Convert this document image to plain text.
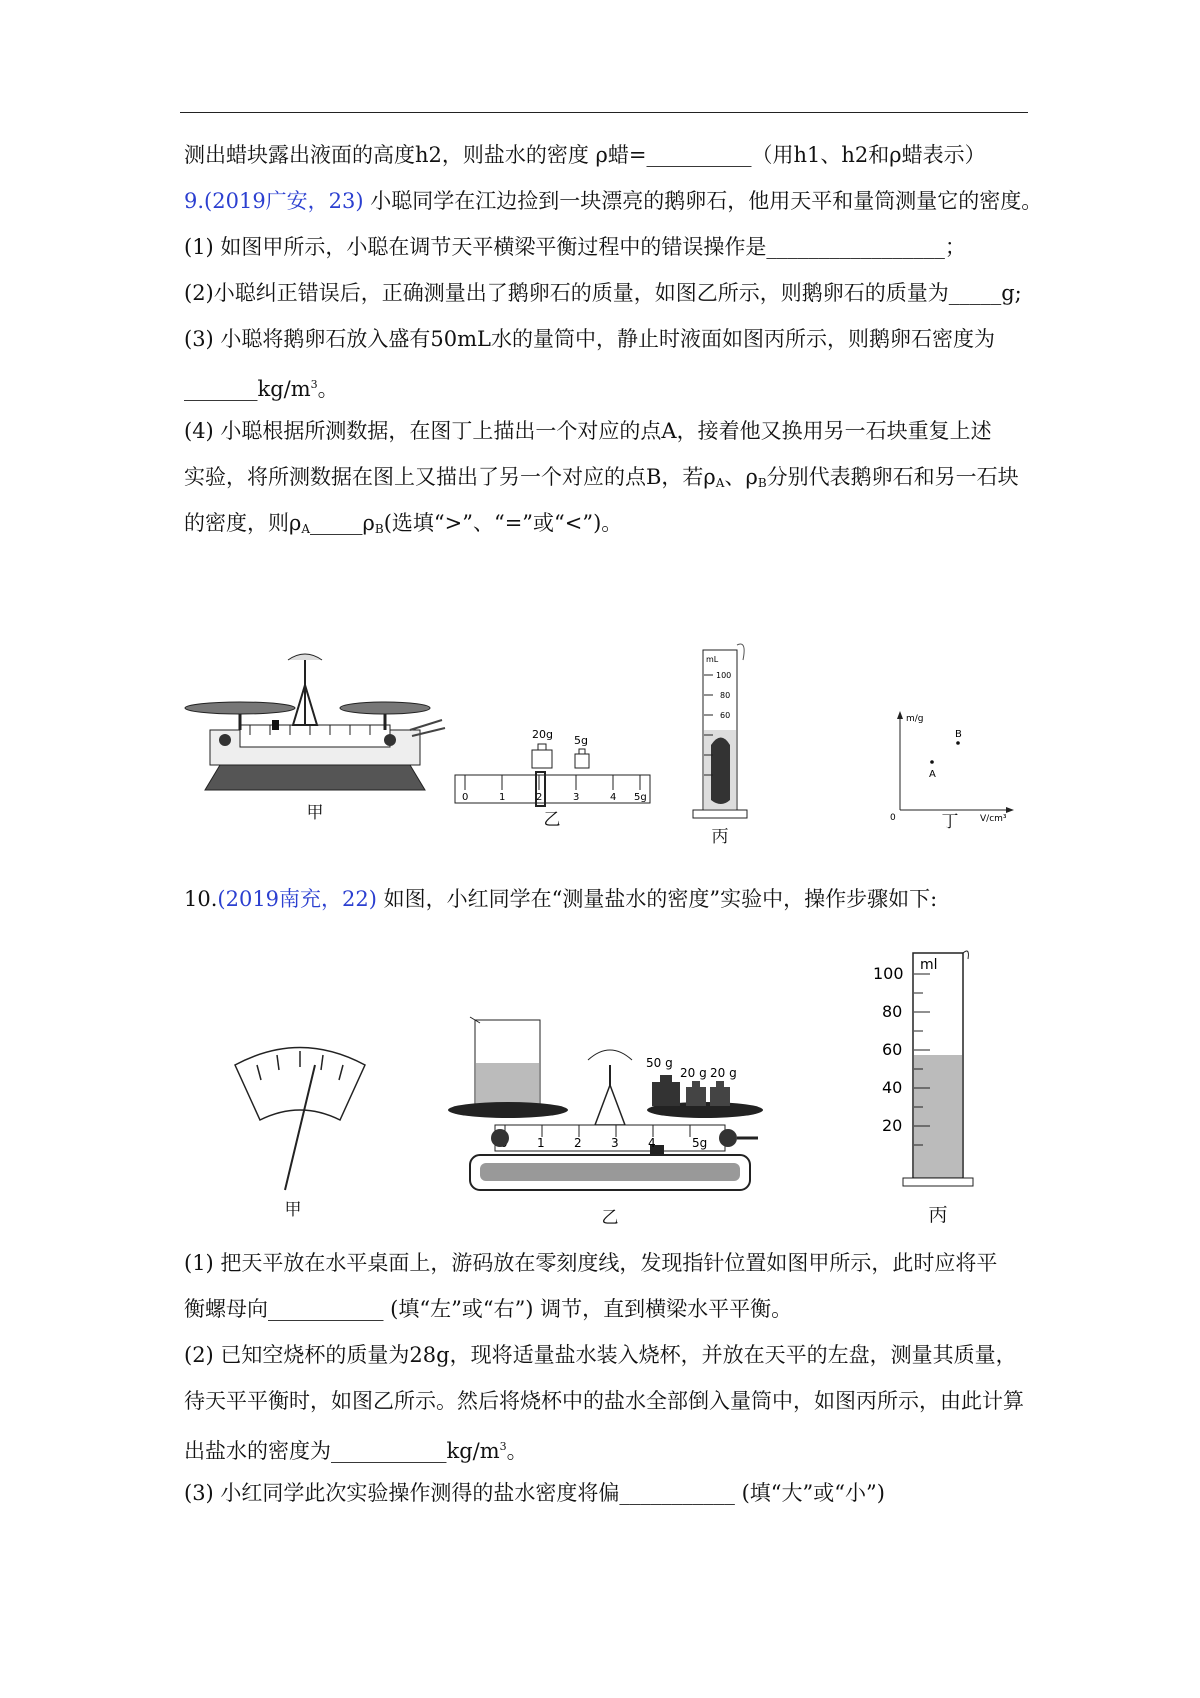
测出蜡块露出液面的高度h2，则盐水的密度 ρ蜡=__________（用h1、h2和ρ蜡表示）
9.(2019广安，23) 小聪同学在江边捡到一块漂亮的鹅卵石，他用天平和量筒测量它的密度。
(1) 如图甲所示，小聪在调节天平横梁平衡过程中的错误操作是_________________；
(2)小聪纠正错误后，正确测量出了鹅卵石的质量，如图乙所示，则鹅卵石的质量为_____g;
(3) 小聪将鹅卵石放入盛有50mL水的量筒中，静止时液面如图丙所示，则鹅卵石密度为
$\_\_\_\_\_\_\_kg/m^3$。
(4) 小聪根据所测数据，在图丁上描出一个对应的点A，接着他又换用另一石块重复上述
实验，将所测数据在图上又描出了另一个对应的点B，若$\rho_A$、$\rho_B$分别代表鹅卵石和另一石块
的密度，则$\rho_A\_\_\_\_\_\rho_B$(选填“>”、“=”或“<”)。
甲
20g 5g
0	1	2	3	4 5g
乙
mL
100
80
60
丙
m/g
V/cm³
0
A
B
丁
10.(2019南充，22) 如图，小红同学在“测量盐水的密度”实验中，操作步骤如下:
甲
50 g
20 g 20 g
1 2 3 4	5g
乙
ml
100
80
60
40
20
丙
(1) 把天平放在水平桌面上，游码放在零刻度线，发现指针位置如图甲所示，此时应将平
衡螺母向___________ (填“左”或“右”) 调节，直到横梁水平平衡。
(2) 已知空烧杯的质量为28g，现将适量盐水装入烧杯，并放在天平的左盘，测量其质量，
待天平平衡时，如图乙所示。然后将烧杯中的盐水全部倒入量筒中，如图丙所示，由此计算
出盐水的密度为$\_\_\_\_\_\_\_\_\_\_\_kg/m^3$。
(3) 小红同学此次实验操作测得的盐水密度将偏___________ (填“大”或“小”)
